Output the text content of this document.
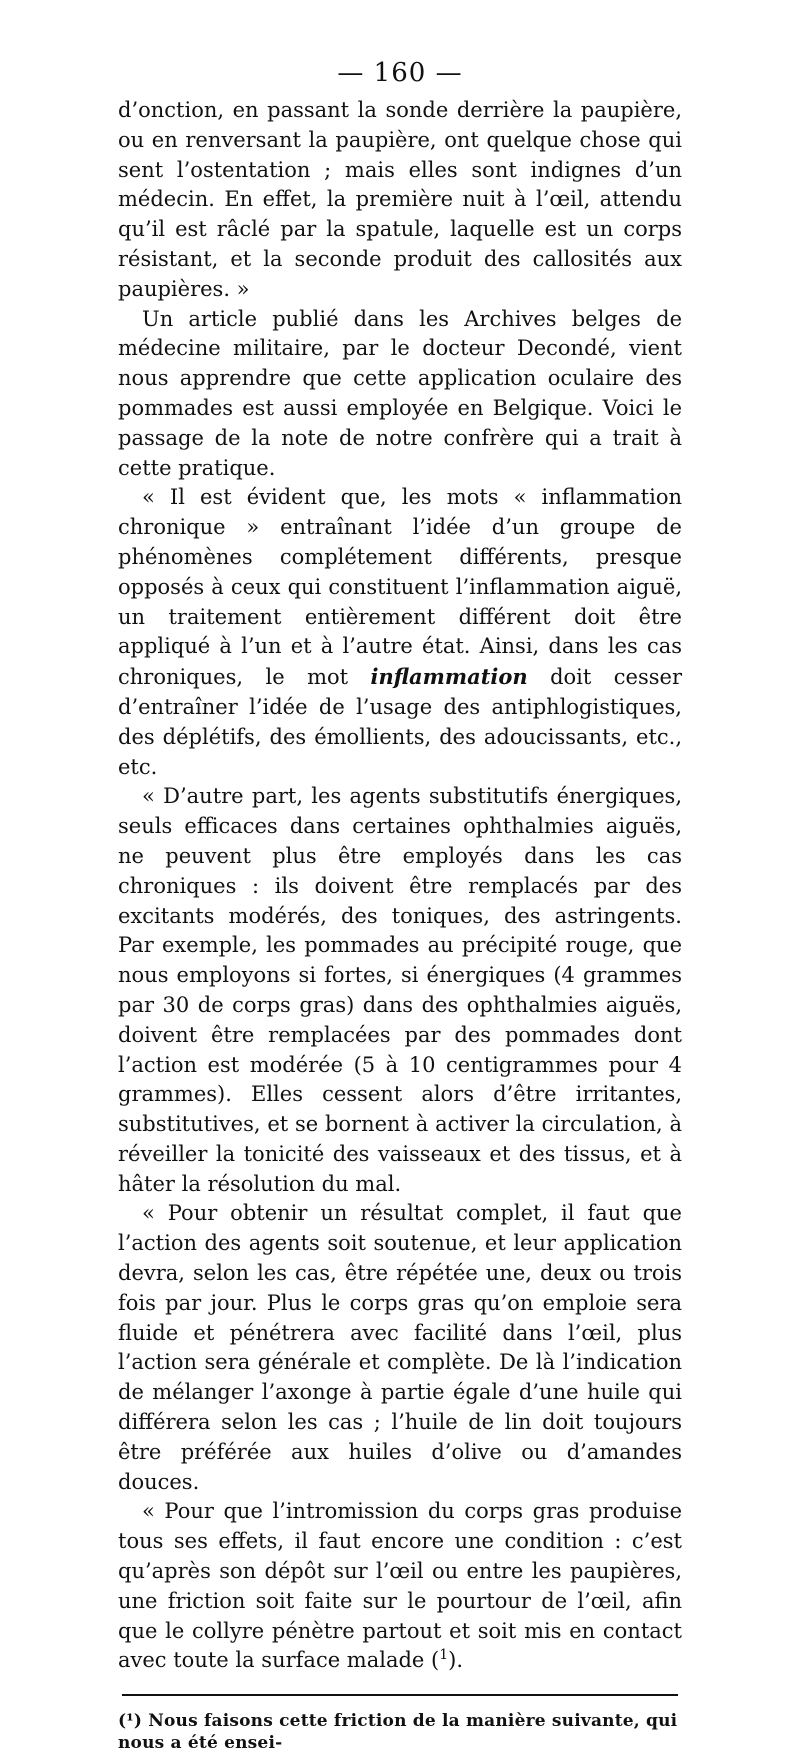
— 160 —

d’onction, en passant la sonde derrière la paupière, ou en renversant la paupière, ont quelque chose qui sent l’ostentation ; mais elles sont indignes d’un médecin. En effet, la première nuit à l’œil, attendu qu’il est râclé par la spatule, laquelle est un corps résistant, et la seconde produit des callosités aux paupières. »

Un article publié dans les Archives belges de médecine militaire, par le docteur Decondé, vient nous apprendre que cette application oculaire des pommades est aussi employée en Belgique. Voici le passage de la note de notre confrère qui a trait à cette pratique.

« Il est évident que, les mots « inflammation chronique » entraînant l’idée d’un groupe de phénomènes complétement différents, presque opposés à ceux qui constituent l’inflammation aiguë, un traitement entièrement différent doit être appliqué à l’un et à l’autre état. Ainsi, dans les cas chroniques, le mot inflammation doit cesser d’entraîner l’idée de l’usage des antiphlogistiques, des déplétifs, des émollients, des adoucissants, etc., etc.

« D’autre part, les agents substitutifs énergiques, seuls efficaces dans certaines ophthalmies aiguës, ne peuvent plus être employés dans les cas chroniques : ils doivent être remplacés par des excitants modérés, des toniques, des astringents. Par exemple, les pommades au précipité rouge, que nous employons si fortes, si énergiques (4 grammes par 30 de corps gras) dans des ophthalmies aiguës, doivent être remplacées par des pommades dont l’action est modérée (5 à 10 centigrammes pour 4 grammes). Elles cessent alors d’être irritantes, substitutives, et se bornent à activer la circulation, à réveiller la tonicité des vaisseaux et des tissus, et à hâter la résolution du mal.

« Pour obtenir un résultat complet, il faut que l’action des agents soit soutenue, et leur application devra, selon les cas, être répétée une, deux ou trois fois par jour. Plus le corps gras qu’on emploie sera fluide et pénétrera avec facilité dans l’œil, plus l’action sera générale et complète. De là l’indication de mélanger l’axonge à partie égale d’une huile qui différera selon les cas ; l’huile de lin doit toujours être préférée aux huiles d’olive ou d’amandes douces.

« Pour que l’intromission du corps gras produise tous ses effets, il faut encore une condition : c’est qu’après son dépôt sur l’œil ou entre les paupières, une friction soit faite sur le pourtour de l’œil, afin que le collyre pénètre partout et soit mis en contact avec toute la surface malade ($^1$).

(¹) Nous faisons cette friction de la manière suivante, qui nous a été ensei-
